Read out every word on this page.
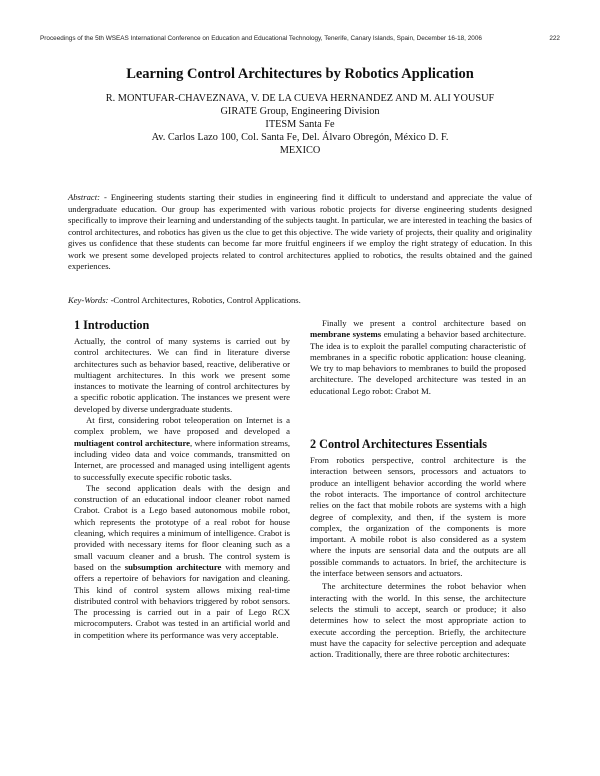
Proceedings of the 5th WSEAS International Conference on Education and Educational Technology, Tenerife, Canary Islands, Spain, December 16-18, 2006	222
Learning Control Architectures by Robotics Application
R. MONTUFAR-CHAVEZNAVA, V. DE LA CUEVA HERNANDEZ AND M. ALI YOUSUF
GIRATE Group, Engineering Division
ITESM Santa Fe
Av. Carlos Lazo 100, Col. Santa Fe, Del. Álvaro Obregón, México D. F.
MEXICO
Abstract: - Engineering students starting their studies in engineering find it difficult to understand and appreciate the value of undergraduate education. Our group has experimented with various robotic projects for diverse engineering students designed specifically to improve their learning and understanding of the subjects taught. In particular, we are interested in teaching the basics of control architectures, and robotics has given us the clue to get this objective. The wide variety of projects, their quality and originality gives us confidence that these students can become far more fruitful engineers if we employ the right strategy of education. In this work we present some developed projects related to control architectures applied to robotics, the results obtained and the gained experiences.
Key-Words: -Control Architectures, Robotics, Control Applications.
1 Introduction

Actually, the control of many systems is carried out by control architectures. We can find in literature diverse architectures such as behavior based, reactive, deliberative or multiagent architectures. In this work we present some instances to motivate the learning of control architectures by a specific robotic application. The instances we present were developed by diverse undergraduate students.

At first, considering robot teleoperation on Internet is a complex problem, we have proposed and developed a multiagent control architecture, where information streams, including video data and voice commands, transmitted on Internet, are processed and managed using intelligent agents to successfully execute specific robotic tasks.

The second application deals with the design and construction of an educational indoor cleaner robot named Crabot. Crabot is a Lego based autonomous mobile robot, which represents the prototype of a real robot for house cleaning, which requires a minimum of intelligence. Crabot is provided with necessary items for floor cleaning such as a small vacuum cleaner and a brush. The control system is based on the subsumption architecture with memory and offers a repertoire of behaviors for navigation and cleaning. This kind of control system allows mixing real-time distributed control with behaviors triggered by robot sensors. The processing is carried out in a pair of Lego RCX microcomputers. Crabot was tested in an artificial world and in competition where its performance was very acceptable.

Finally we present a control architecture based on membrane systems emulating a behavior based architecture. The idea is to exploit the parallel computing characteristic of membranes in a specific robotic application: house cleaning. We try to map behaviors to membranes to build the proposed architecture. The developed architecture was tested in an educational Lego robot: Crabot M.

2 Control Architectures Essentials

From robotics perspective, control architecture is the interaction between sensors, processors and actuators to produce an intelligent behavior according the world where the robot interacts. The importance of control architecture relies on the fact that mobile robots are systems with a high degree of complexity, and then, if the system is more complex, the organization of the components is more important. A mobile robot is also considered as a system where the inputs are sensorial data and the outputs are all possible commands to actuators. In brief, the architecture is the interface between sensors and actuators.

The architecture determines the robot behavior when interacting with the world. In this sense, the architecture selects the stimuli to accept, search or produce; it also determines how to select the most appropriate action to execute according the perception. Briefly, the architecture must have the capacity for selective perception and adequate action. Traditionally, there are three robotic architectures:
